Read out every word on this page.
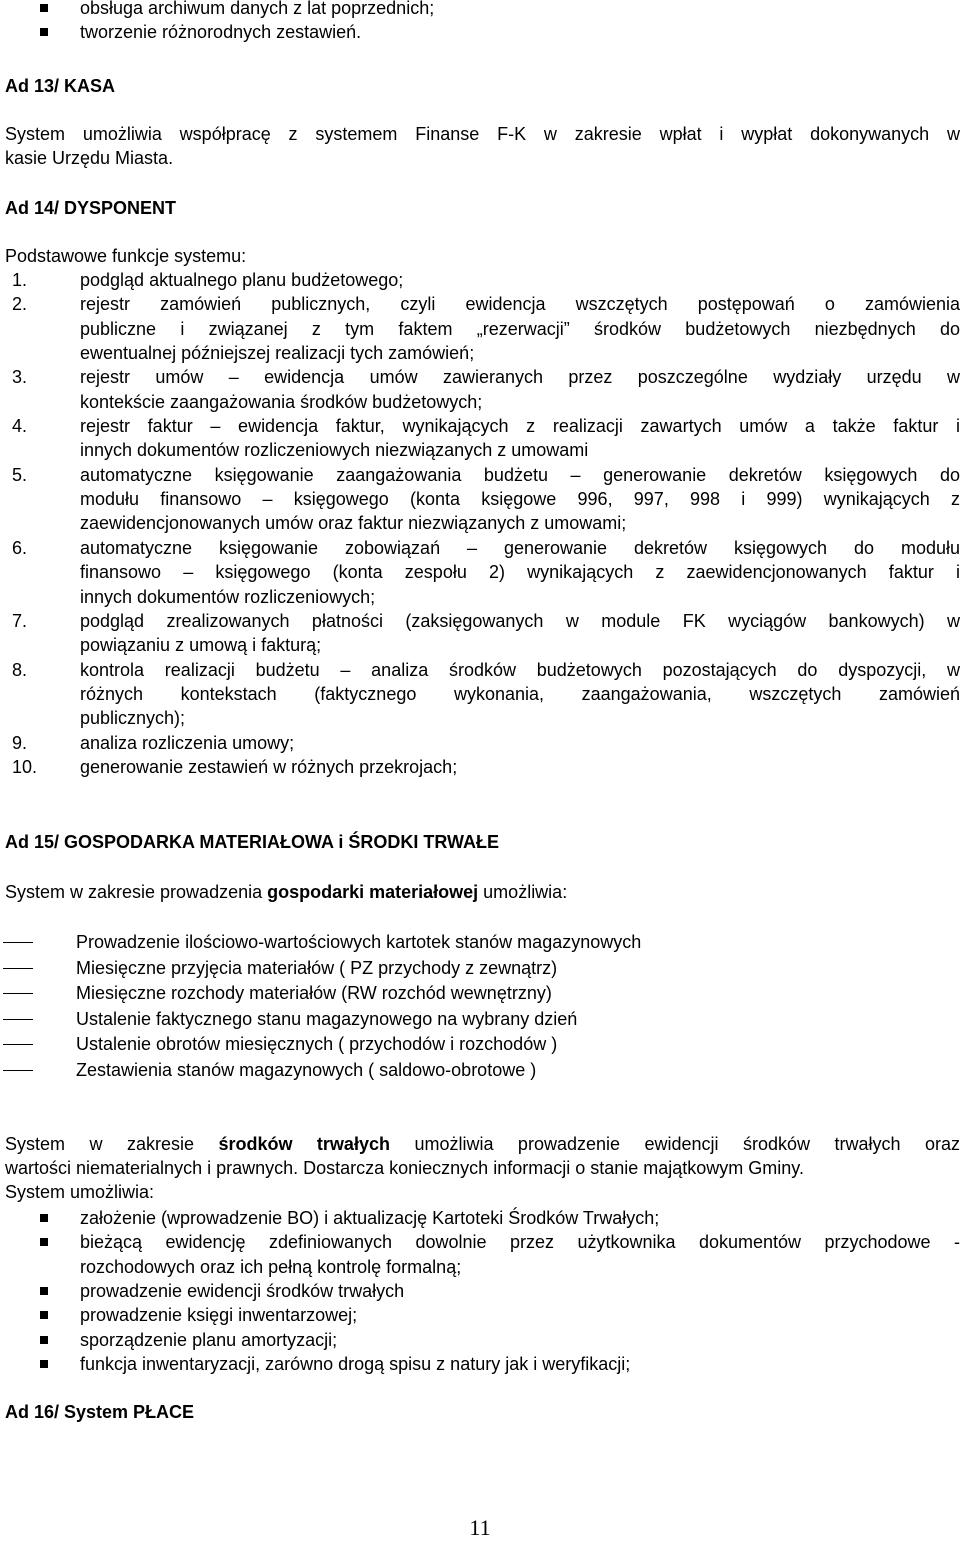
obsługa archiwum danych z lat poprzednich;
tworzenie różnorodnych zestawień.
Ad 13/ KASA
System umożliwia współpracę z systemem Finanse F-K w zakresie wpłat i wypłat dokonywanych w
kasie Urzędu Miasta.
Ad 14/ DYSPONENT
Podstawowe funkcje systemu:
1.	podgląd aktualnego planu budżetowego;
2.	rejestr zamówień publicznych, czyli ewidencja wszczętych postępowań o zamówienia
publiczne i związanej z tym faktem „rezerwacji” środków budżetowych niezbędnych do
ewentualnej późniejszej realizacji tych zamówień;
3.	rejestr umów – ewidencja umów zawieranych przez poszczególne wydziały urzędu w
kontekście zaangażowania środków budżetowych;
4.	rejestr faktur – ewidencja faktur, wynikających z realizacji zawartych umów a także faktur i
innych dokumentów rozliczeniowych niezwiązanych z umowami
5.	automatyczne księgowanie zaangażowania budżetu – generowanie dekretów księgowych do
modułu finansowo – księgowego (konta księgowe 996, 997, 998 i 999) wynikających z
zaewidencjonowanych umów oraz faktur niezwiązanych z umowami;
6.	automatyczne księgowanie zobowiązań – generowanie dekretów księgowych do modułu
finansowo – księgowego (konta zespołu 2) wynikających z zaewidencjonowanych faktur i
innych dokumentów rozliczeniowych;
7.	podgląd zrealizowanych płatności (zaksięgowanych w module FK wyciągów bankowych) w
powiązaniu z umową i fakturą;
8.	kontrola realizacji budżetu – analiza środków budżetowych pozostających do dyspozycji, w
różnych kontekstach (faktycznego wykonania, zaangażowania, wszczętych zamówień
publicznych);
9.	analiza rozliczenia umowy;
10. generowanie zestawień w różnych przekrojach;
Ad 15/ GOSPODARKA MATERIAŁOWA i ŚRODKI TRWAŁE
System w zakresie prowadzenia gospodarki materiałowej umożliwia:
Prowadzenie ilościowo-wartościowych kartotek stanów magazynowych
Miesięczne przyjęcia materiałów ( PZ przychody z zewnątrz)
Miesięczne rozchody materiałów (RW rozchód wewnętrzny)
Ustalenie faktycznego stanu magazynowego na wybrany dzień
Ustalenie obrotów miesięcznych ( przychodów i rozchodów )
Zestawienia stanów magazynowych ( saldowo-obrotowe )
System w zakresie środków trwałych umożliwia prowadzenie ewidencji środków trwałych oraz
wartości niematerialnych i prawnych. Dostarcza koniecznych informacji o stanie majątkowym Gminy.
System umożliwia:
założenie (wprowadzenie BO) i aktualizację Kartoteki Środków Trwałych;
bieżącą ewidencję zdefiniowanych dowolnie przez użytkownika dokumentów przychodowe -
rozchodowych oraz ich pełną kontrolę formalną;
prowadzenie ewidencji środków trwałych
prowadzenie księgi inwentarzowej;
sporządzenie planu amortyzacji;
funkcja inwentaryzacji, zarówno drogą spisu z natury jak i weryfikacji;
Ad 16/ System PŁACE
11
